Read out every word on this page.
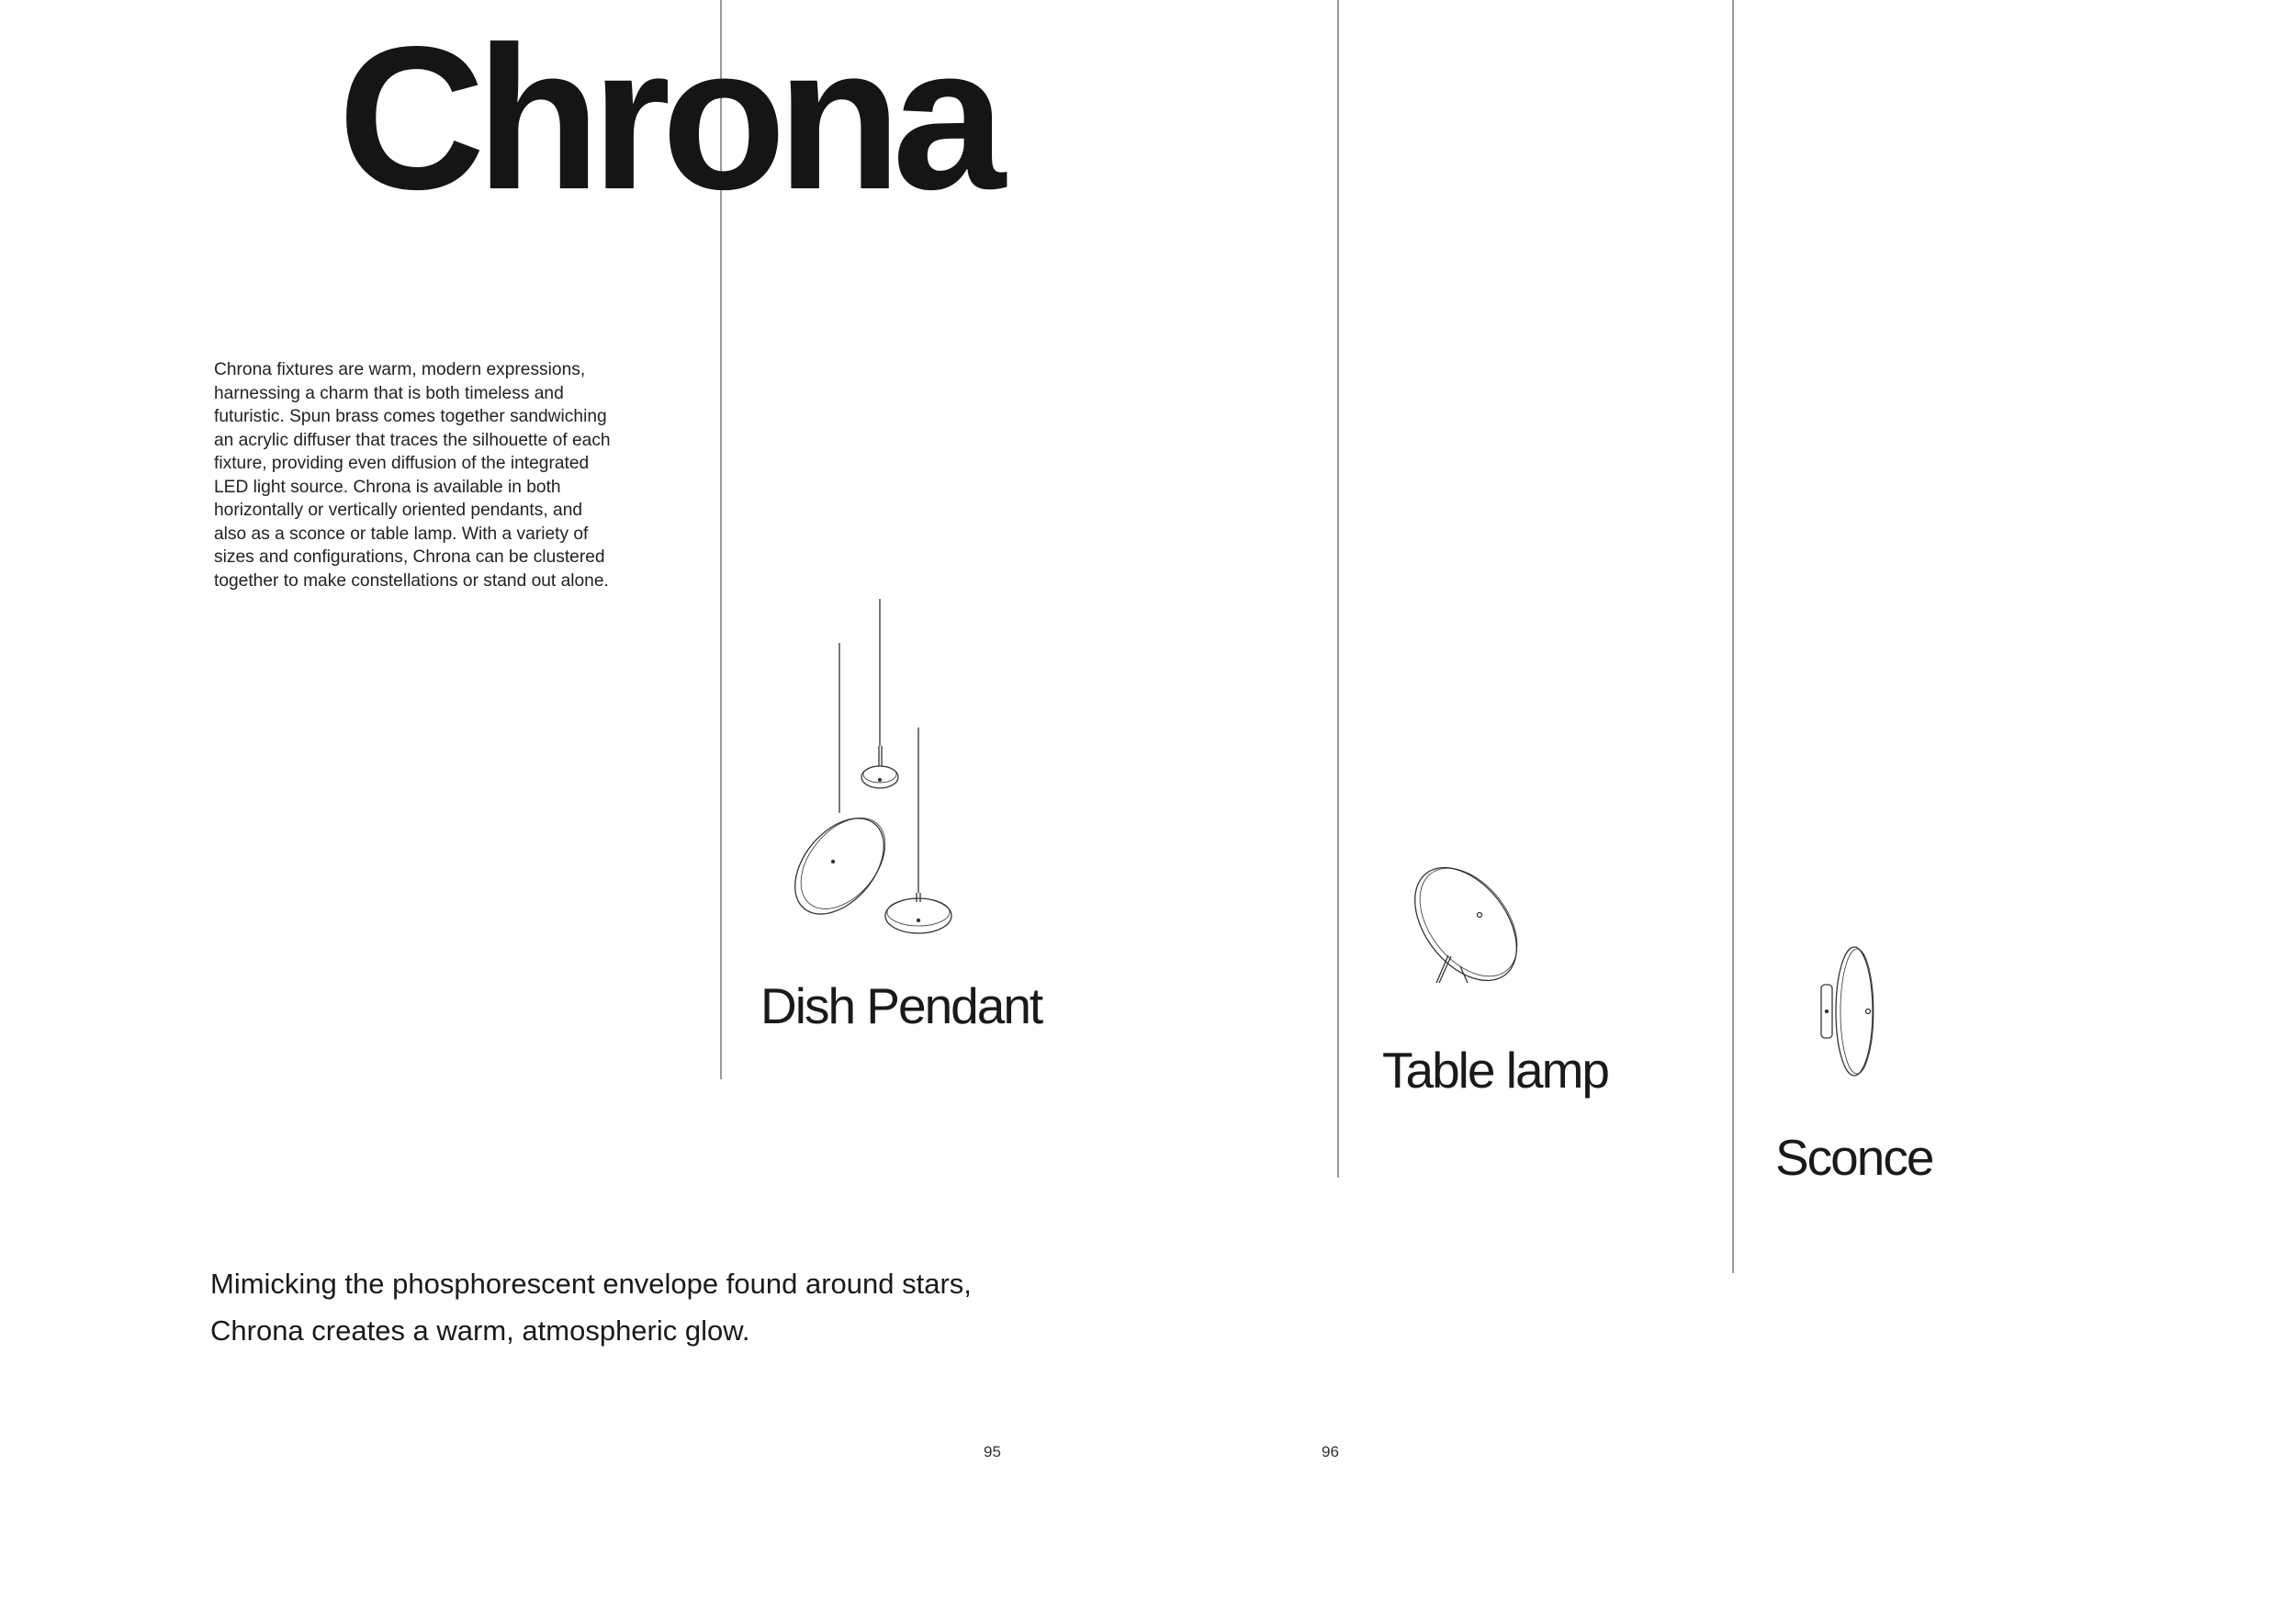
Chrona
Chrona fixtures are warm, modern expressions,
harnessing a charm that is both timeless and
futuristic. Spun brass comes together sandwiching
an acrylic diffuser that traces the silhouette of each
fixture, providing even diffusion of the integrated
LED light source. Chrona is available in both
horizontally or vertically oriented pendants, and
also as a sconce or table lamp. With a variety of
sizes and configurations, Chrona can be clustered
together to make constellations or stand out alone.
Dish Pendant
Table lamp
Sconce
Mimicking the phosphorescent envelope found around stars,
Chrona creates a warm, atmospheric glow.
95	96
